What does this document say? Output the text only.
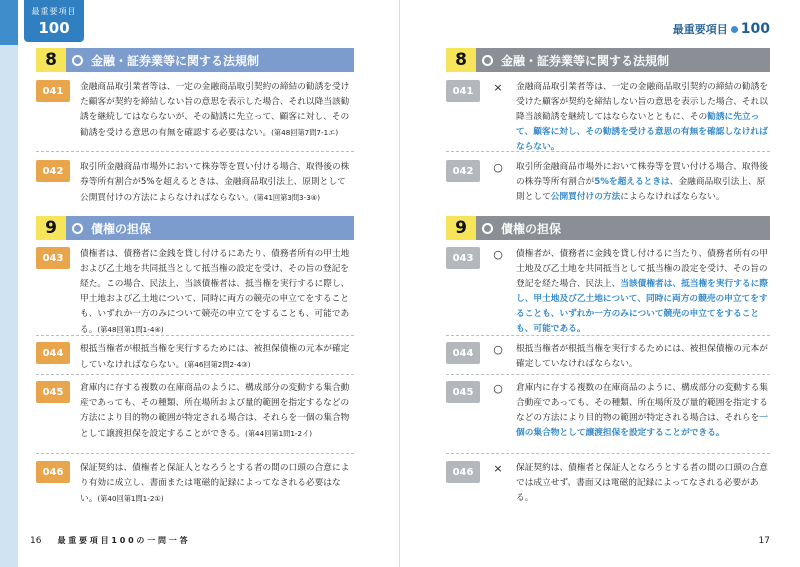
最重要項目
100
8	金融・証券業等に関する法規制
041	金融商品取引業者等は、一定の金融商品取引契約の締結の勧誘を受けた顧客が契約を締結しない旨の意思を表示した場合、それ以降当該勧誘を継続してはならないが、その勧誘に先立って、顧客に対し、その勧誘を受ける意思の有無を確認する必要はない。(第48回第7問7-1エ)
042	取引所金融商品市場外において株券等を買い付ける場合、取得後の株券等所有割合が5%を超えるときは、金融商品取引法上、原則として公開買付けの方法によらなければならない。(第41回第3問3-3④)
9	債権の担保
043	債権者は、債務者に金銭を貸し付けるにあたり、債務者所有の甲土地および乙土地を共同抵当として抵当権の設定を受け、その旨の登記を経た。この場合、民法上、当該債権者は、抵当権を実行するに際し、甲土地および乙土地について、同時に両方の競売の申立てをすることも、いずれか一方のみについて競売の申立てをすることも、可能である。(第48回第1問1-4④)
044	根抵当権者が根抵当権を実行するためには、被担保債権の元本が確定していなければならない。(第46回第2問2-4③)
045	倉庫内に存する複数の在庫商品のように、構成部分の変動する集合動産であっても、その種類、所在場所および量的範囲を指定するなどの方法により目的物の範囲が特定される場合は、それらを一個の集合物として譲渡担保を設定することができる。(第44回第1問1-2イ)
046	保証契約は、債権者と保証人となろうとする者の間の口頭の合意により有効に成立し、書面または電磁的記録によってなされる必要はない。(第40回第1問1-2①)
16 最 重 要 項 目 1 0 0 の 一 問 一 答
最重要項目 100
8	金融・証券業等に関する法規制
041	×	金融商品取引業者等は、一定の金融商品取引契約の締結の勧誘を受けた顧客が契約を締結しない旨の意思を表示した場合、それ以降当該勧誘を継続してはならないとともに、その勧誘に先立って、顧客に対し、その勧誘を受ける意思の有無を確認しなければならない。
042	○	取引所金融商品市場外において株券等を買い付ける場合、取得後の株券等所有割合が5%を超えるときは、金融商品取引法上、原則として公開買付けの方法によらなければならない。
9	債権の担保
043	○	債権者が、債務者に金銭を貸し付けるに当たり、債務者所有の甲土地及び乙土地を共同抵当として抵当権の設定を受け、その旨の登記を経た場合、民法上、当該債権者は、抵当権を実行するに際し、甲土地及び乙土地について、同時に両方の競売の申立てをすることも、いずれか一方のみについて競売の申立てをすることも、可能である。
044	○	根抵当権者が根抵当権を実行するためには、被担保債権の元本が確定していなければならない。
045	○	倉庫内に存する複数の在庫商品のように、構成部分の変動する集合動産であっても、その種類、所在場所及び量的範囲を指定するなどの方法により目的物の範囲が特定される場合は、それらを一個の集合物として譲渡担保を設定することができる。
046	×	保証契約は、債権者と保証人となろうとする者の間の口頭の合意では成立せず、書面又は電磁的記録によってなされる必要がある。
17
